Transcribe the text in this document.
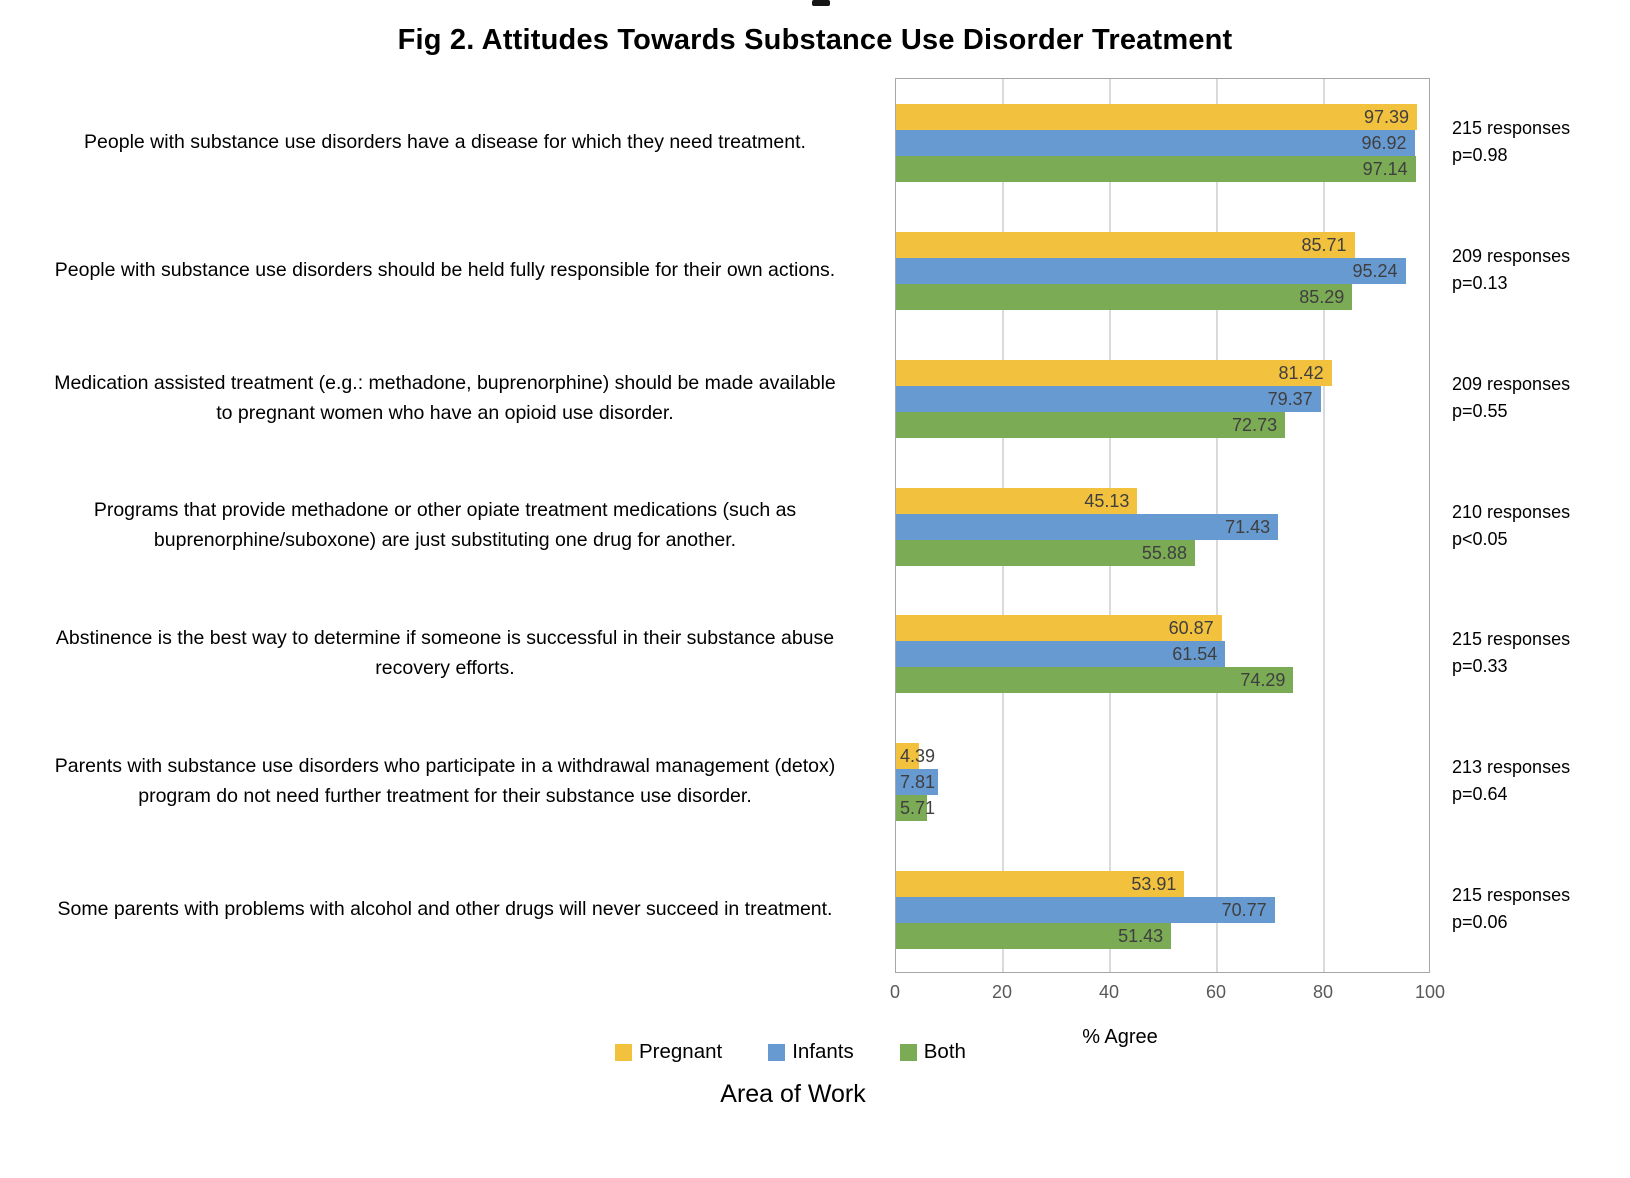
Fig 2. Attitudes Towards Substance Use Disorder Treatment
People with substance use disorders have a disease for which they need treatment.
People with substance use disorders should be held fully responsible for their own actions.
Medication assisted treatment (e.g.: methadone, buprenorphine) should be made available to pregnant women who have an opioid use disorder.
Programs that provide methadone or other opiate treatment medications (such as buprenorphine/suboxone) are just substituting one drug for another.
Abstinence is the best way to determine if someone is successful in their substance abuse recovery efforts.
Parents with substance use disorders who participate in a withdrawal management (detox) program do not need further treatment for their substance use disorder.
Some parents with problems with alcohol and other drugs will never succeed in treatment.
97.39
96.92
97.14
85.71
95.24
85.29
81.42
79.37
72.73
45.13
71.43
55.88
60.87
61.54
74.29
4.39
7.81
5.71
53.91
70.77
51.43
0	20	40	60	80	100
% Agree
215 responses
p=0.98
209 responses
p=0.13
209 responses
p=0.55
210 responses
p<0.05
215 responses
p=0.33
213 responses
p=0.64
215 responses
p=0.06
Pregnant	Infants	Both
Area of Work
